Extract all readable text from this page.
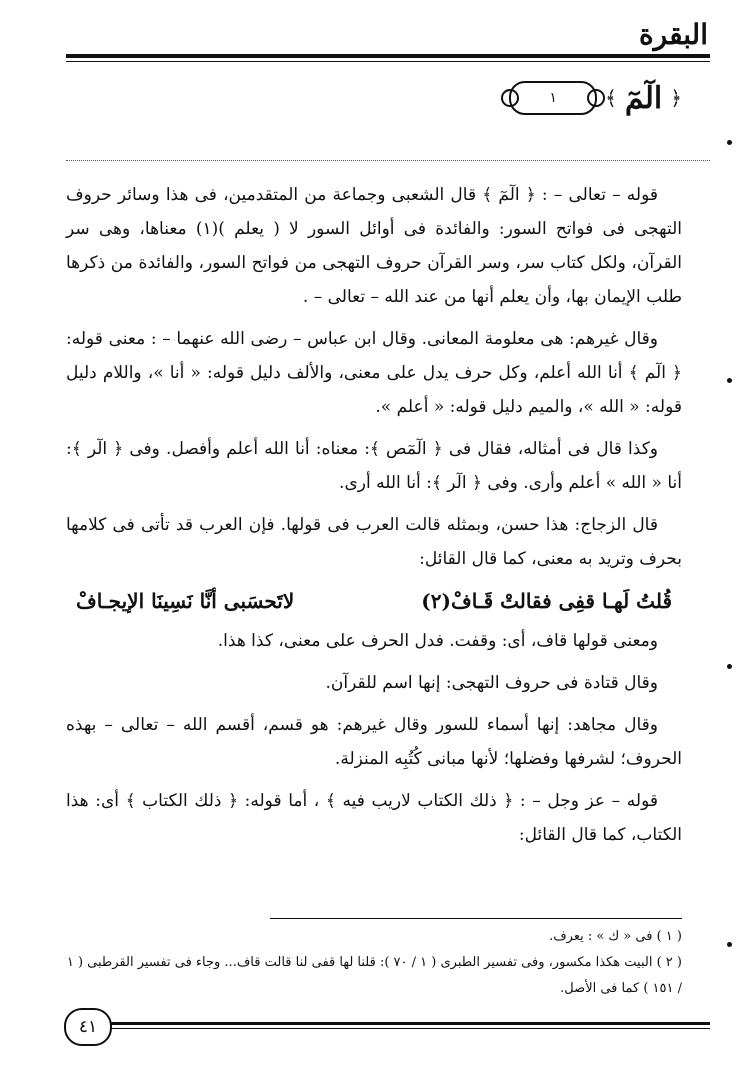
البقرة
﴿
الٓمٓ
﴾
١

قوله – تعالى – : ﴿ الٓمٓ ﴾ قال الشعبى وجماعة من المتقدمين، فى هذا وسائر حروف التهجى فى فواتح السور: والفائدة فى أوائل السور لا ( يعلم )(١) معناها، وهى سر القرآن، ولكل كتاب سر، وسر القرآن حروف التهجى من فواتح السور، والفائدة من ذكرها طلب الإيمان بها، وأن يعلم أنها من عند الله – تعالى – .

وقال غيرهم: هى معلومة المعانى. وقال ابن عباس – رضى الله عنهما – : معنى قوله: ﴿ الٓم ﴾ أنا الله أعلم، وكل حرف يدل على معنى، والألف دليل قوله: « أنا »، واللام دليل قوله: « الله »، والميم دليل قوله: « أعلم ».

وكذا قال فى أمثاله، فقال فى ﴿ الٓمٓص ﴾: معناه: أنا الله أعلم وأفصل. وفى ﴿ الٓر ﴾: أنا « الله » أعلم وأرى. وفى ﴿ الٓر ﴾: أنا الله أرى.

قال الزجاج: هذا حسن، وبمثله قالت العرب فى قولها. فإن العرب قد تأتى فى كلامها بحرف وتريد به معنى، كما قال القائل:

قُلتُ لَهـا قفِى فقالتْ قَـافْ(٢)
لاتَحسَبى أنَّا نَسِينَا الإيجـافْ

ومعنى قولها قاف، أى: وقفت. فدل الحرف على معنى، كذا هذا.

وقال قتادة فى حروف التهجى: إنها اسم للقرآن.

وقال مجاهد: إنها أسماء للسور وقال غيرهم: هو قسم، أقسم الله – تعالى – بهذه الحروف؛ لشرفها وفضلها؛ لأنها مبانى كُتُبِه المنزلة.

قوله – عز وجل – : ﴿ ذلك الكتاب لاريب فيه ﴾ ، أما قوله: ﴿ ذلك الكتاب ﴾ أى: هذا الكتاب، كما قال القائل:

( ١ ) فى « ك » : يعرف.

( ٢ ) البيت هكذا مكسور، وفى تفسير الطبرى ( ١ / ٧٠ ): قلنا لها قفى لنا قالت قاف... وجاء فى تفسير القرطبى ( ١ / ١٥١ ) كما فى الأصل.

٤١
